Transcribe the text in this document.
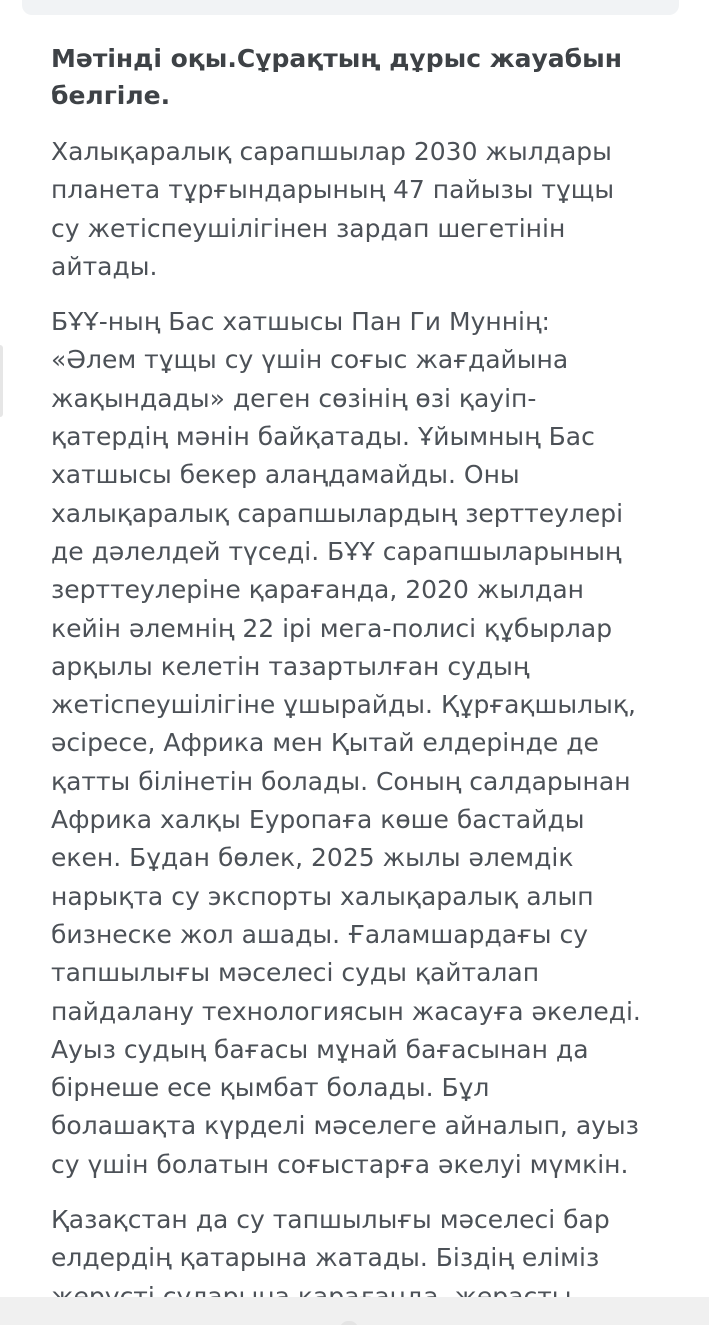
Мәтінді оқы.Сұрақтың дұрыс жауабын белгіле.

Халықаралық сарапшылар 2030 жылдары
планета тұрғындарының 47 пайызы тұщы
су жетіспеушілігінен зардап шегетінін
айтады.

БҰҰ-ның Бас хатшысы Пан Ги Муннің:
«Әлем тұщы су үшін соғыс жағдайына
жақындады» деген сөзінің өзі қауіп-
қатердің мәнін байқатады. Ұйымның Бас
хатшысы бекер алаңдамайды. Оны
халықаралық сарапшылардың зерттеулері
де дәлелдей түседі. БҰҰ сарапшыларының
зерттеулеріне қарағанда, 2020 жылдан
кейін әлемнің 22 ірі мега-полисі құбырлар
арқылы келетін тазартылған судың
жетіспеушілігіне ұшырайды. Құрғақшылық,
әсіресе, Африка мен Қытай елдерінде де
қатты білінетін болады. Соның салдарынан
Африка халқы Еуропаға көше бастайды
екен. Бұдан бөлек, 2025 жылы әлемдік
нарықта су экспорты халықаралық алып
бизнеске жол ашады. Ғаламшардағы су
тапшылығы мәселесі суды қайталап
пайдалану технологиясын жасауға әкеледі.
Ауыз судың бағасы мұнай бағасынан да
бірнеше есе қымбат болады. Бұл
болашақта күрделі мәселеге айналып, ауыз
су үшін болатын соғыстарға әкелуі мүмкін.

Қазақстан да су тапшылығы мәселесі бар
елдердің қатарына жатады. Біздің еліміз
